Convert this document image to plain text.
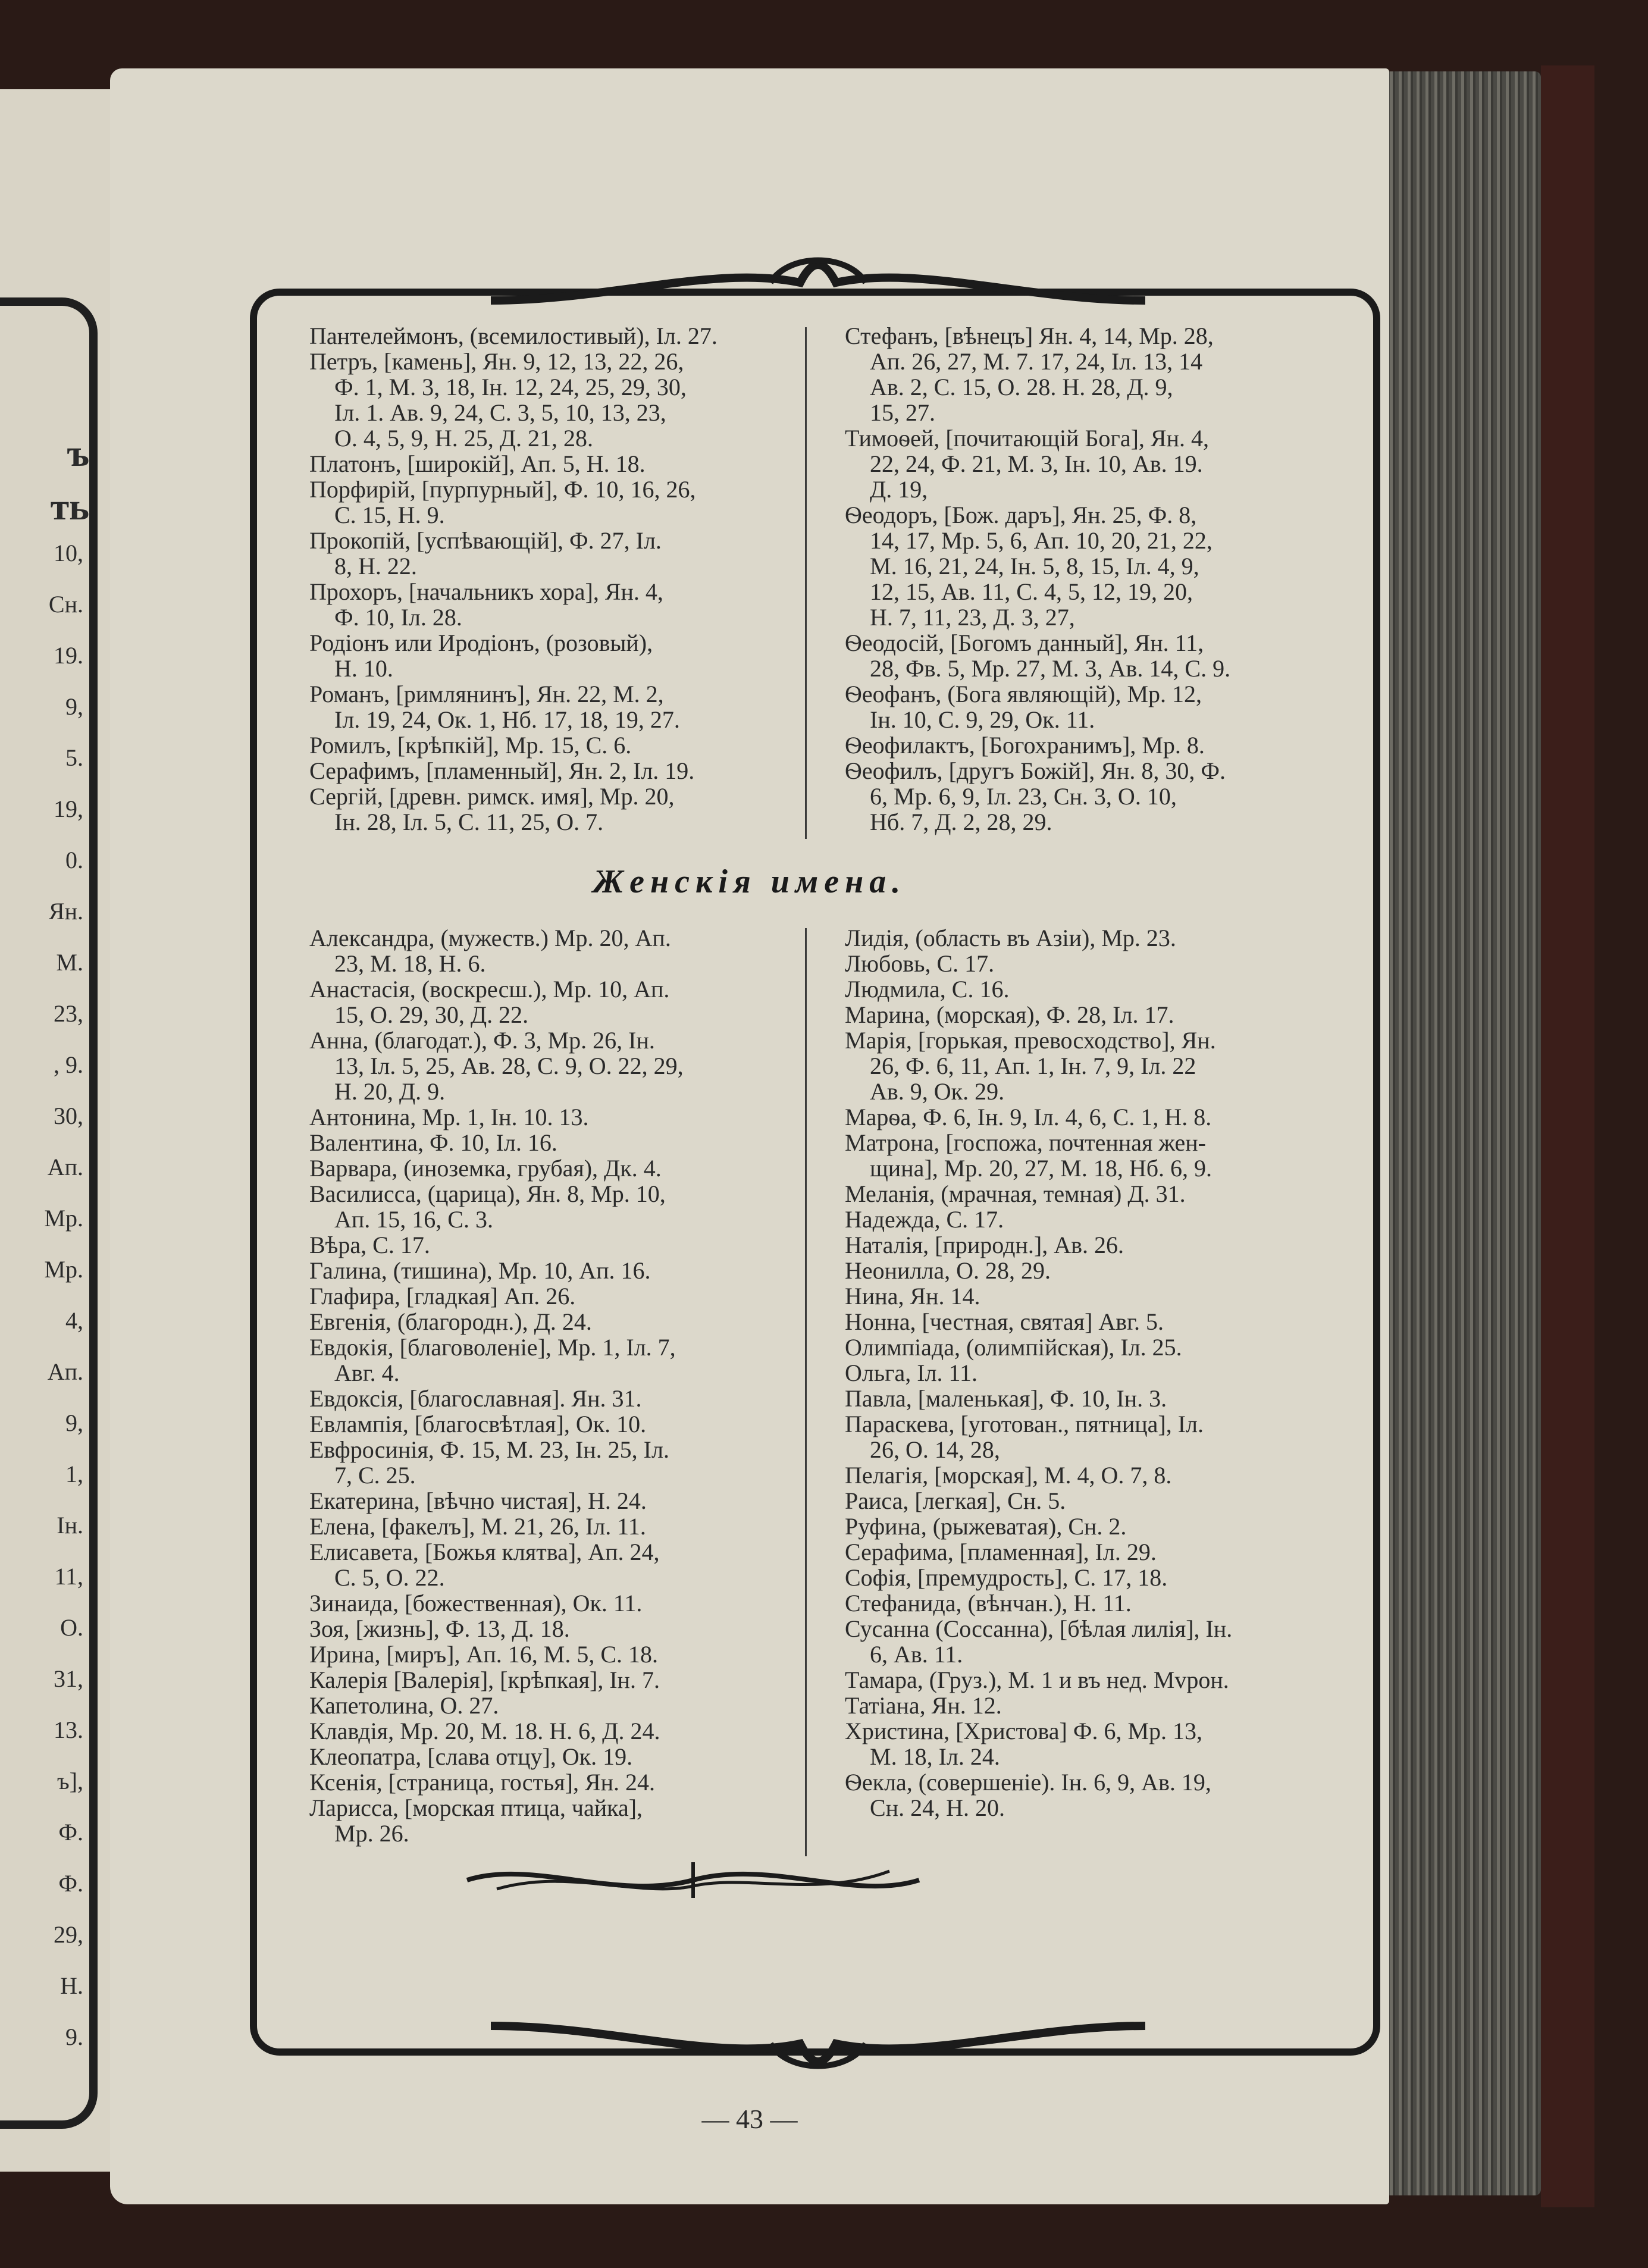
ъ
ть
10,
Сн.
19.
9,
5.
19,
0.
Ян.
М.
23,
, 9.
30,
Ап.
Мр.
Мр.
4,
Ап.
9,
1,
Ін.
11,
О.
31,
13.
ъ],
Ф.
Ф.
29,
Н.
9.
Пантелеймонъ, (всемилостивый), Іл. 27.
Петръ, [камень], Ян. 9, 12, 13, 22, 26,
Ф. 1, М. 3, 18, Ін. 12, 24, 25, 29, 30,
Іл. 1. Ав. 9, 24, С. 3, 5, 10, 13, 23,
О. 4, 5, 9, Н. 25, Д. 21, 28.
Платонъ, [широкій], Ап. 5, Н. 18.
Порфирій, [пурпурный], Ф. 10, 16, 26,
С. 15, Н. 9.
Прокопій, [успѣвающій], Ф. 27, Іл.
8, Н. 22.
Прохоръ, [начальникъ хора], Ян. 4,
Ф. 10, Іл. 28.
Родіонъ или Иродіонъ, (розовый),
Н. 10.
Романъ, [римлянинъ], Ян. 22, М. 2,
Іл. 19, 24, Ок. 1, Нб. 17, 18, 19, 27.
Ромилъ, [крѣпкій], Мр. 15, С. 6.
Серафимъ, [пламенный], Ян. 2, Іл. 19.
Сергій, [древн. римск. имя], Мр. 20,
Ін. 28, Іл. 5, С. 11, 25, О. 7.
Стефанъ, [вѣнецъ] Ян. 4, 14, Мр. 28,
Ап. 26, 27, М. 7. 17, 24, Іл. 13, 14
Ав. 2, С. 15, О. 28. Н. 28, Д. 9,
15, 27.
Тимоѳей, [почитающій Бога], Ян. 4,
22, 24, Ф. 21, М. 3, Ін. 10, Ав. 19.
Д. 19,
Ѳеодоръ, [Бож. даръ], Ян. 25, Ф. 8,
14, 17, Мр. 5, 6, Ап. 10, 20, 21, 22,
М. 16, 21, 24, Ін. 5, 8, 15, Іл. 4, 9,
12, 15, Ав. 11, С. 4, 5, 12, 19, 20,
Н. 7, 11, 23, Д. 3, 27,
Ѳеодосій, [Богомъ данный], Ян. 11,
28, Фв. 5, Мр. 27, М. 3, Ав. 14, С. 9.
Ѳеофанъ, (Бога являющій), Мр. 12,
Ін. 10, С. 9, 29, Ок. 11.
Ѳеофилактъ, [Богохранимъ], Мр. 8.
Ѳеофилъ, [другъ Божій], Ян. 8, 30, Ф.
6, Мр. 6, 9, Іл. 23, Сн. 3, О. 10,
Нб. 7, Д. 2, 28, 29.
Женскія имена.
Александра, (мужеств.) Мр. 20, Ап.
23, М. 18, Н. 6.
Анастасія, (воскресш.), Мр. 10, Ап.
15, О. 29, 30, Д. 22.
Анна, (благодат.), Ф. 3, Мр. 26, Ін.
13, Іл. 5, 25, Ав. 28, С. 9, О. 22, 29,
Н. 20, Д. 9.
Антонина, Мр. 1, Ін. 10. 13.
Валентина, Ф. 10, Іл. 16.
Варвара, (иноземка, грубая), Дк. 4.
Василисса, (царица), Ян. 8, Мр. 10,
Ап. 15, 16, С. 3.
Вѣра, С. 17.
Галина, (тишина), Мр. 10, Ап. 16.
Глафира, [гладкая] Ап. 26.
Евгенія, (благородн.), Д. 24.
Евдокія, [благоволеніе], Мр. 1, Іл. 7,
Авг. 4.
Евдоксія, [благославная]. Ян. 31.
Евлампія, [благосвѣтлая], Ок. 10.
Евфросинія, Ф. 15, М. 23, Ін. 25, Іл.
7, С. 25.
Екатерина, [вѣчно чистая], Н. 24.
Елена, [факелъ], М. 21, 26, Іл. 11.
Елисавета, [Божья клятва], Ап. 24,
С. 5, О. 22.
Зинаида, [божественная), Ок. 11.
Зоя, [жизнь], Ф. 13, Д. 18.
Ирина, [миръ], Ап. 16, М. 5, С. 18.
Калерія [Валерія], [крѣпкая], Ін. 7.
Капетолина, О. 27.
Клавдія, Мр. 20, М. 18. Н. 6, Д. 24.
Клеопатра, [слава отцу], Ок. 19.
Ксенія, [страница, гостья], Ян. 24.
Ларисса, [морская птица, чайка],
Мр. 26.
Лидія, (область въ Азіи), Мр. 23.
Любовь, С. 17.
Людмила, С. 16.
Марина, (морская), Ф. 28, Іл. 17.
Марія, [горькая, превосходство], Ян.
26, Ф. 6, 11, Ап. 1, Ін. 7, 9, Іл. 22
Ав. 9, Ок. 29.
Марѳа, Ф. 6, Ін. 9, Іл. 4, 6, С. 1, Н. 8.
Матрона, [госпожа, почтенная жен-
щина], Мр. 20, 27, М. 18, Нб. 6, 9.
Меланія, (мрачная, темная) Д. 31.
Надежда, С. 17.
Наталія, [природн.], Ав. 26.
Неонилла, О. 28, 29.
Нина, Ян. 14.
Нонна, [честная, святая] Авг. 5.
Олимпіада, (олимпійская), Іл. 25.
Ольга, Іл. 11.
Павла, [маленькая], Ф. 10, Ін. 3.
Параскева, [уготован., пятница], Іл.
26, О. 14, 28,
Пелагія, [морская], М. 4, О. 7, 8.
Раиса, [легкая], Сн. 5.
Руфина, (рыжеватая), Сн. 2.
Серафима, [пламенная], Іл. 29.
Софія, [премудрость], С. 17, 18.
Стефанида, (вѣнчан.), Н. 11.
Сусанна (Соссанна), [бѣлая лилія], Ін.
6, Ав. 11.
Тамара, (Груз.), М. 1 и въ нед. Мvрон.
Татіана, Ян. 12.
Христина, [Христова] Ф. 6, Мр. 13,
М. 18, Іл. 24.
Ѳекла, (совершеніе). Ін. 6, 9, Ав. 19,
Сн. 24, Н. 20.
— 43 —
